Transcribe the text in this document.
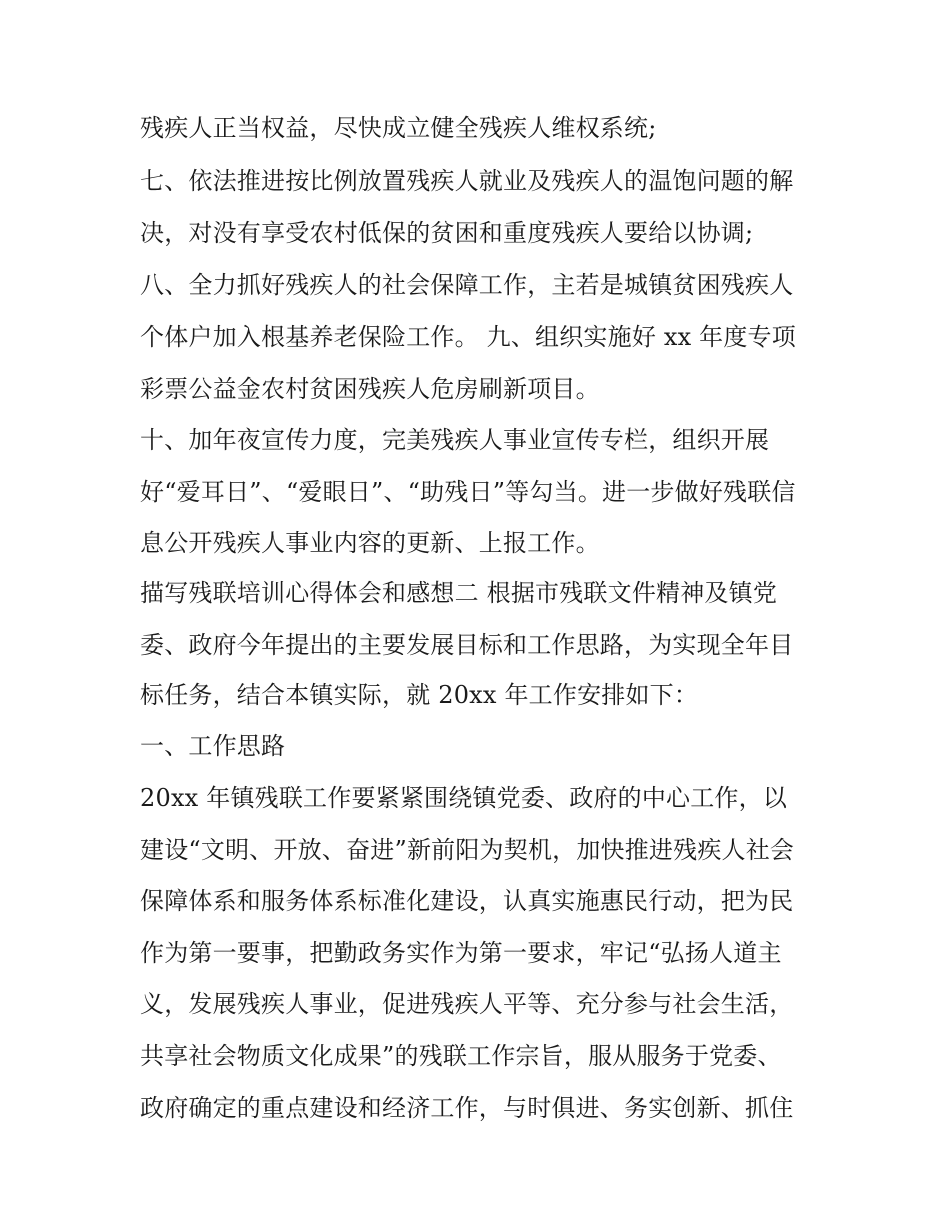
残疾人正当权益，尽快成立健全残疾人维权系统;
七、依法推进按比例放置残疾人就业及残疾人的温饱问题的解
决，对没有享受农村低保的贫困和重度残疾人要给以协调;
八、全力抓好残疾人的社会保障工作，主若是城镇贫困残疾人
个体户加入根基养老保险工作。 九、组织实施好 xx 年度专项
彩票公益金农村贫困残疾人危房刷新项目。
十、加年夜宣传力度，完美残疾人事业宣传专栏，组织开展
好“爱耳日”、“爱眼日”、“助残日”等勾当。进一步做好残联信
息公开残疾人事业内容的更新、上报工作。
描写残联培训心得体会和感想二 根据市残联文件精神及镇党
委、政府今年提出的主要发展目标和工作思路，为实现全年目
标任务，结合本镇实际，就 20xx 年工作安排如下：
一、工作思路
20xx 年镇残联工作要紧紧围绕镇党委、政府的中心工作，以
建设“文明、开放、奋进”新前阳为契机，加快推进残疾人社会
保障体系和服务体系标准化建设，认真实施惠民行动，把为民
作为第一要事，把勤政务实作为第一要求，牢记“弘扬人道主
义，发展残疾人事业，促进残疾人平等、充分参与社会生活，
共享社会物质文化成果”的残联工作宗旨，服从服务于党委、
政府确定的重点建设和经济工作，与时俱进、务实创新、抓住
